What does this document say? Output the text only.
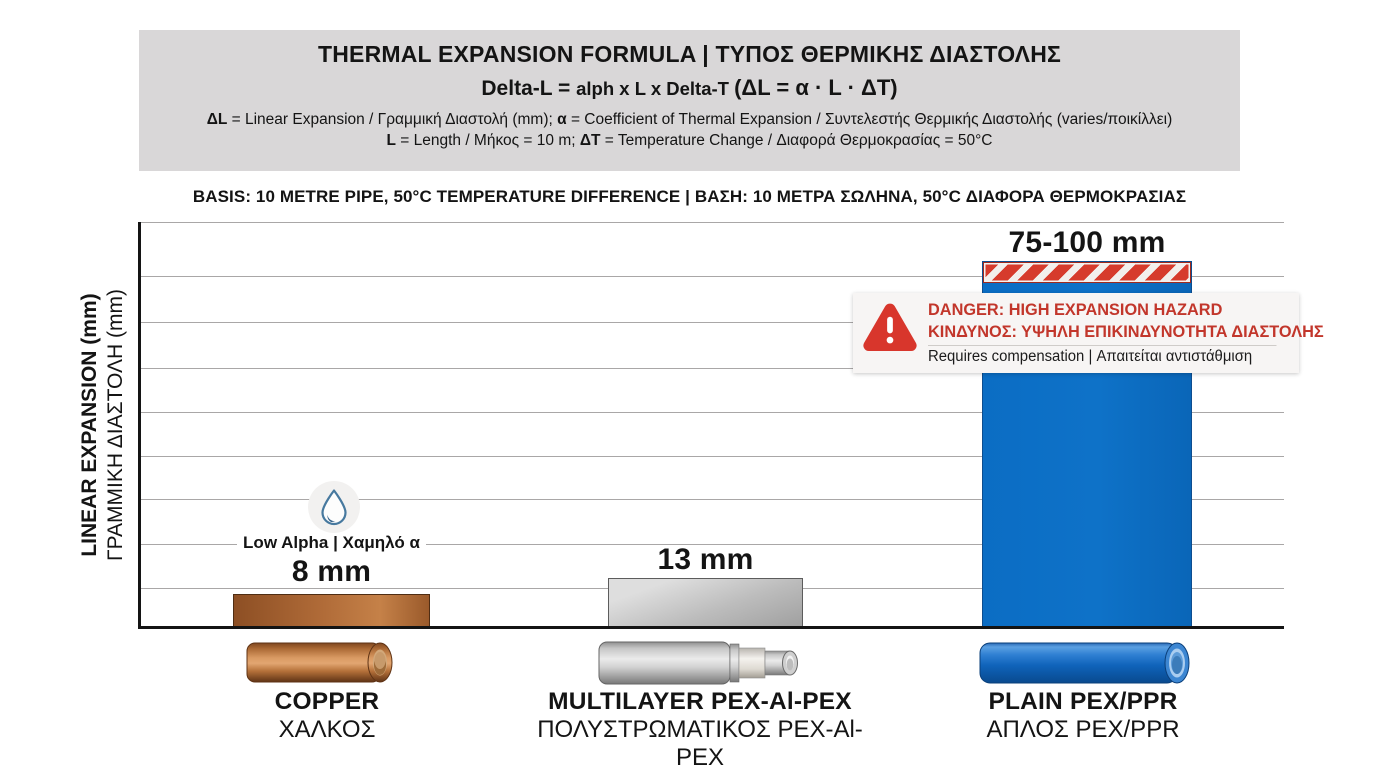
THERMAL EXPANSION FORMULA | ΤΥΠΟΣ ΘΕΡΜΙΚΗΣ ΔΙΑΣΤΟΛΗΣ
Delta-L = alph x L x Delta-T (ΔL = α · L · ΔT)
ΔL = Linear Expansion / Γραμμική Διαστολή (mm); α = Coefficient of Thermal Expansion / Συντελεστής Θερμικής Διαστολής (varies/ποικίλλει)
L = Length / Μήκος = 10 m; ΔT = Temperature Change / Διαφορά Θερμοκρασίας = 50°C
BASIS: 10 METRE PIPE, 50°C TEMPERATURE DIFFERENCE | ΒΑΣΗ: 10 ΜΕΤΡΑ ΣΩΛΗΝΑ, 50°C ΔΙΑΦΟΡΑ ΘΕΡΜΟΚΡΑΣΙΑΣ
LINEAR EXPANSION (mm) ΓΡΑΜΜΙΚΗ ΔΙΑΣΤΟΛΗ (mm)
75-100 mm
13 mm
8 mm
Low Alpha | Χαμηλό α
DANGER: HIGH EXPANSION HAZARD
ΚΙΝΔΥΝΟΣ: ΥΨΗΛΗ ΕΠΙΚΙΝΔΥΝΟΤΗΤΑ ΔΙΑΣΤΟΛΗΣ
Requires compensation | Απαιτείται αντιστάθμιση
COPPER
ΧΑΛΚΟΣ
MULTILAYER PEX-Al-PEX
ΠΟΛΥΣΤΡΩΜΑΤΙΚΟΣ PEX-Al-PEX
PLAIN PEX/PPR
ΑΠΛΟΣ PEX/PPR
